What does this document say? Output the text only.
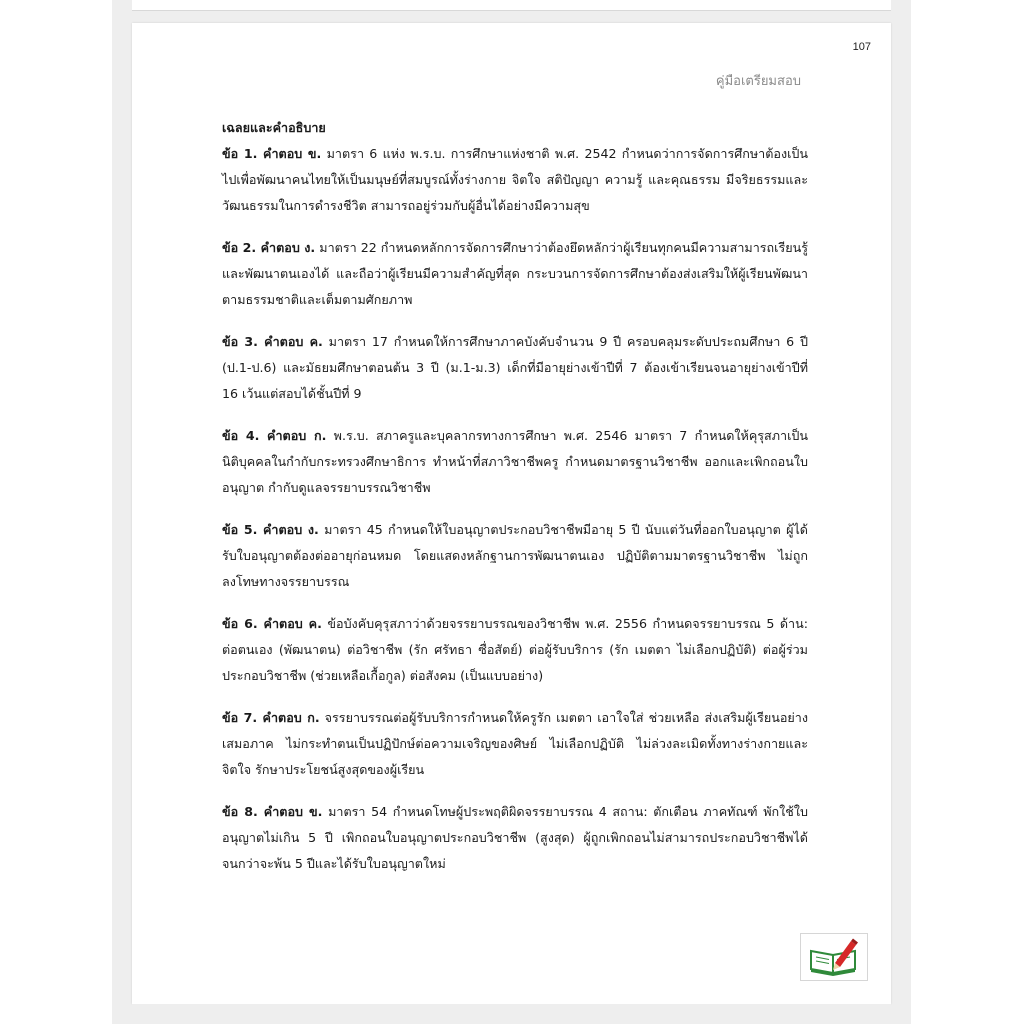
107
คู่มือเตรียมสอบ
เฉลยและคำอธิบาย

ข้อ 1. คำตอบ ข. มาตรา 6 แห่ง พ.ร.บ. การศึกษาแห่งชาติ พ.ศ. 2542 กำหนดว่าการจัดการศึกษาต้องเป็นไปเพื่อพัฒนาคนไทยให้เป็นมนุษย์ที่สมบูรณ์ทั้งร่างกาย จิตใจ สติปัญญา ความรู้ และคุณธรรม มีจริยธรรมและวัฒนธรรมในการดำรงชีวิต สามารถอยู่ร่วมกับผู้อื่นได้อย่างมีความสุข

ข้อ 2. คำตอบ ง. มาตรา 22 กำหนดหลักการจัดการศึกษาว่าต้องยึดหลักว่าผู้เรียนทุกคนมีความสามารถเรียนรู้และพัฒนาตนเองได้ และถือว่าผู้เรียนมีความสำคัญที่สุด กระบวนการจัดการศึกษาต้องส่งเสริมให้ผู้เรียนพัฒนาตามธรรมชาติและเต็มตามศักยภาพ

ข้อ 3. คำตอบ ค. มาตรา 17 กำหนดให้การศึกษาภาคบังคับจำนวน 9 ปี ครอบคลุมระดับประถมศึกษา 6 ปี (ป.1-ป.6) และมัธยมศึกษาตอนต้น 3 ปี (ม.1-ม.3) เด็กที่มีอายุย่างเข้าปีที่ 7 ต้องเข้าเรียนจนอายุย่างเข้าปีที่ 16 เว้นแต่สอบได้ชั้นปีที่ 9

ข้อ 4. คำตอบ ก. พ.ร.บ. สภาครูและบุคลากรทางการศึกษา พ.ศ. 2546 มาตรา 7 กำหนดให้คุรุสภาเป็นนิติบุคคลในกำกับกระทรวงศึกษาธิการ ทำหน้าที่สภาวิชาชีพครู กำหนดมาตรฐานวิชาชีพ ออกและเพิกถอนใบอนุญาต กำกับดูแลจรรยาบรรณวิชาชีพ

ข้อ 5. คำตอบ ง. มาตรา 45 กำหนดให้ใบอนุญาตประกอบวิชาชีพมีอายุ 5 ปี นับแต่วันที่ออกใบอนุญาต ผู้ได้รับใบอนุญาตต้องต่ออายุก่อนหมด โดยแสดงหลักฐานการพัฒนาตนเอง ปฏิบัติตามมาตรฐานวิชาชีพ ไม่ถูกลงโทษทางจรรยาบรรณ

ข้อ 6. คำตอบ ค. ข้อบังคับคุรุสภาว่าด้วยจรรยาบรรณของวิชาชีพ พ.ศ. 2556 กำหนดจรรยาบรรณ 5 ด้าน: ต่อตนเอง (พัฒนาตน) ต่อวิชาชีพ (รัก ศรัทธา ซื่อสัตย์) ต่อผู้รับบริการ (รัก เมตตา ไม่เลือกปฏิบัติ) ต่อผู้ร่วมประกอบวิชาชีพ (ช่วยเหลือเกื้อกูล) ต่อสังคม (เป็นแบบอย่าง)

ข้อ 7. คำตอบ ก. จรรยาบรรณต่อผู้รับบริการกำหนดให้ครูรัก เมตตา เอาใจใส่ ช่วยเหลือ ส่งเสริมผู้เรียนอย่างเสมอภาค ไม่กระทำตนเป็นปฏิปักษ์ต่อความเจริญของศิษย์ ไม่เลือกปฏิบัติ ไม่ล่วงละเมิดทั้งทางร่างกายและจิตใจ รักษาประโยชน์สูงสุดของผู้เรียน

ข้อ 8. คำตอบ ข. มาตรา 54 กำหนดโทษผู้ประพฤติผิดจรรยาบรรณ 4 สถาน: ตักเตือน ภาคทัณฑ์ พักใช้ใบอนุญาตไม่เกิน 5 ปี เพิกถอนใบอนุญาตประกอบวิชาชีพ (สูงสุด) ผู้ถูกเพิกถอนไม่สามารถประกอบวิชาชีพได้จนกว่าจะพ้น 5 ปีและได้รับใบอนุญาตใหม่
